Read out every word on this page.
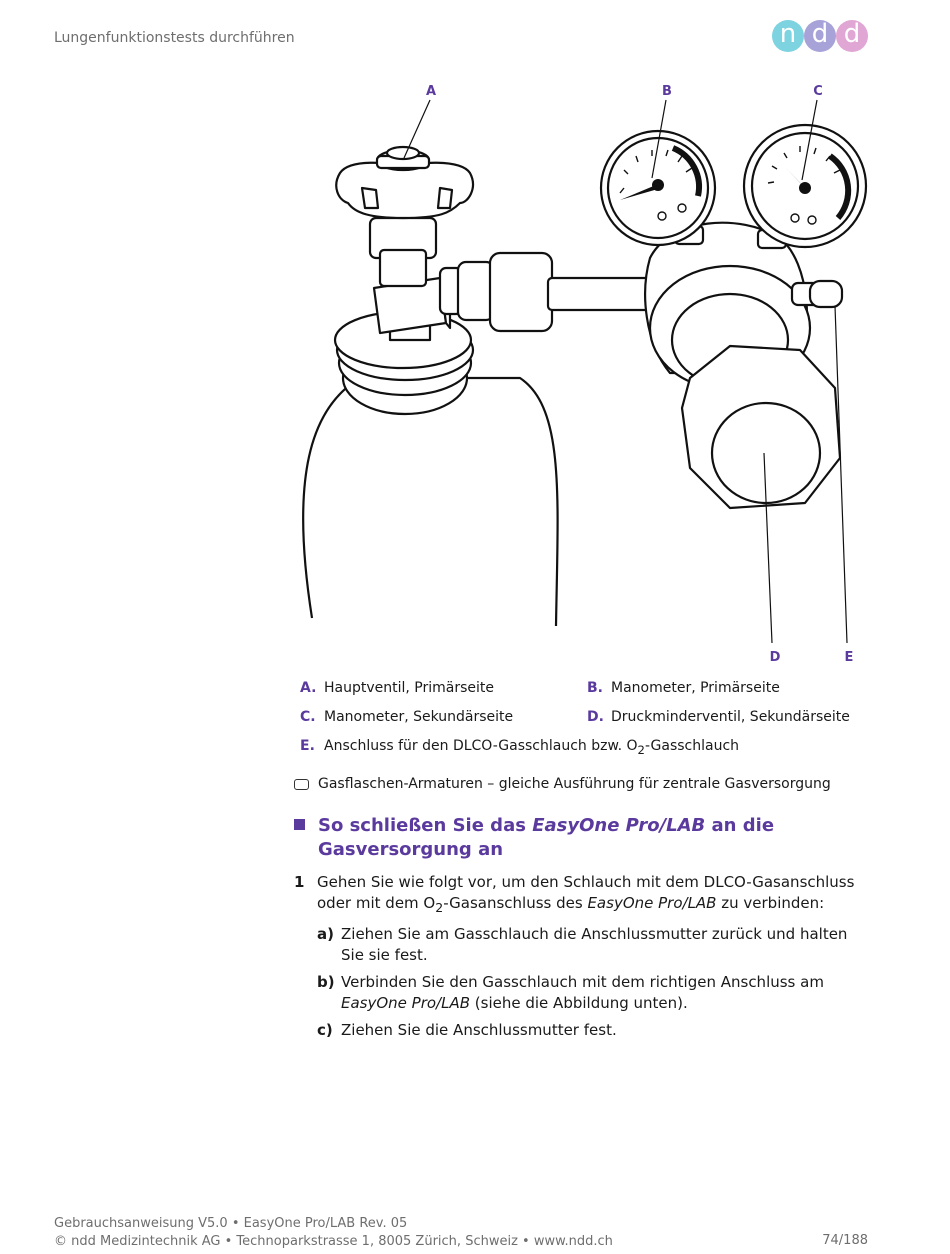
Lungenfunktionstests durchführen	n d d
A	B	C
D	E
A. Hauptventil, Primärseite	B. Manometer, Primärseite
C. Manometer, Sekundärseite	D. Druckminderventil, Sekundärseite
E. Anschluss für den DLCO-Gasschlauch bzw. $O_2$-Gasschlauch
Gasflaschen-Armaturen – gleiche Ausführung für zentrale Gasversorgung
So schließen Sie das EasyOne Pro/LAB an die Gasversorgung an
1 Gehen Sie wie folgt vor, um den Schlauch mit dem DLCO-Gasanschluss oder mit dem $O_2$-Gasanschluss des EasyOne Pro/LAB zu verbinden:
a) Ziehen Sie am Gasschlauch die Anschlussmutter zurück und halten Sie sie fest.
b) Verbinden Sie den Gasschlauch mit dem richtigen Anschluss am EasyOne Pro/LAB (siehe die Abbildung unten).
c) Ziehen Sie die Anschlussmutter fest.
Gebrauchsanweisung V5.0 • EasyOne Pro/LAB Rev. 05
© ndd Medizintechnik AG • Technoparkstrasse 1, 8005 Zürich, Schweiz • www.ndd.ch	74/188
